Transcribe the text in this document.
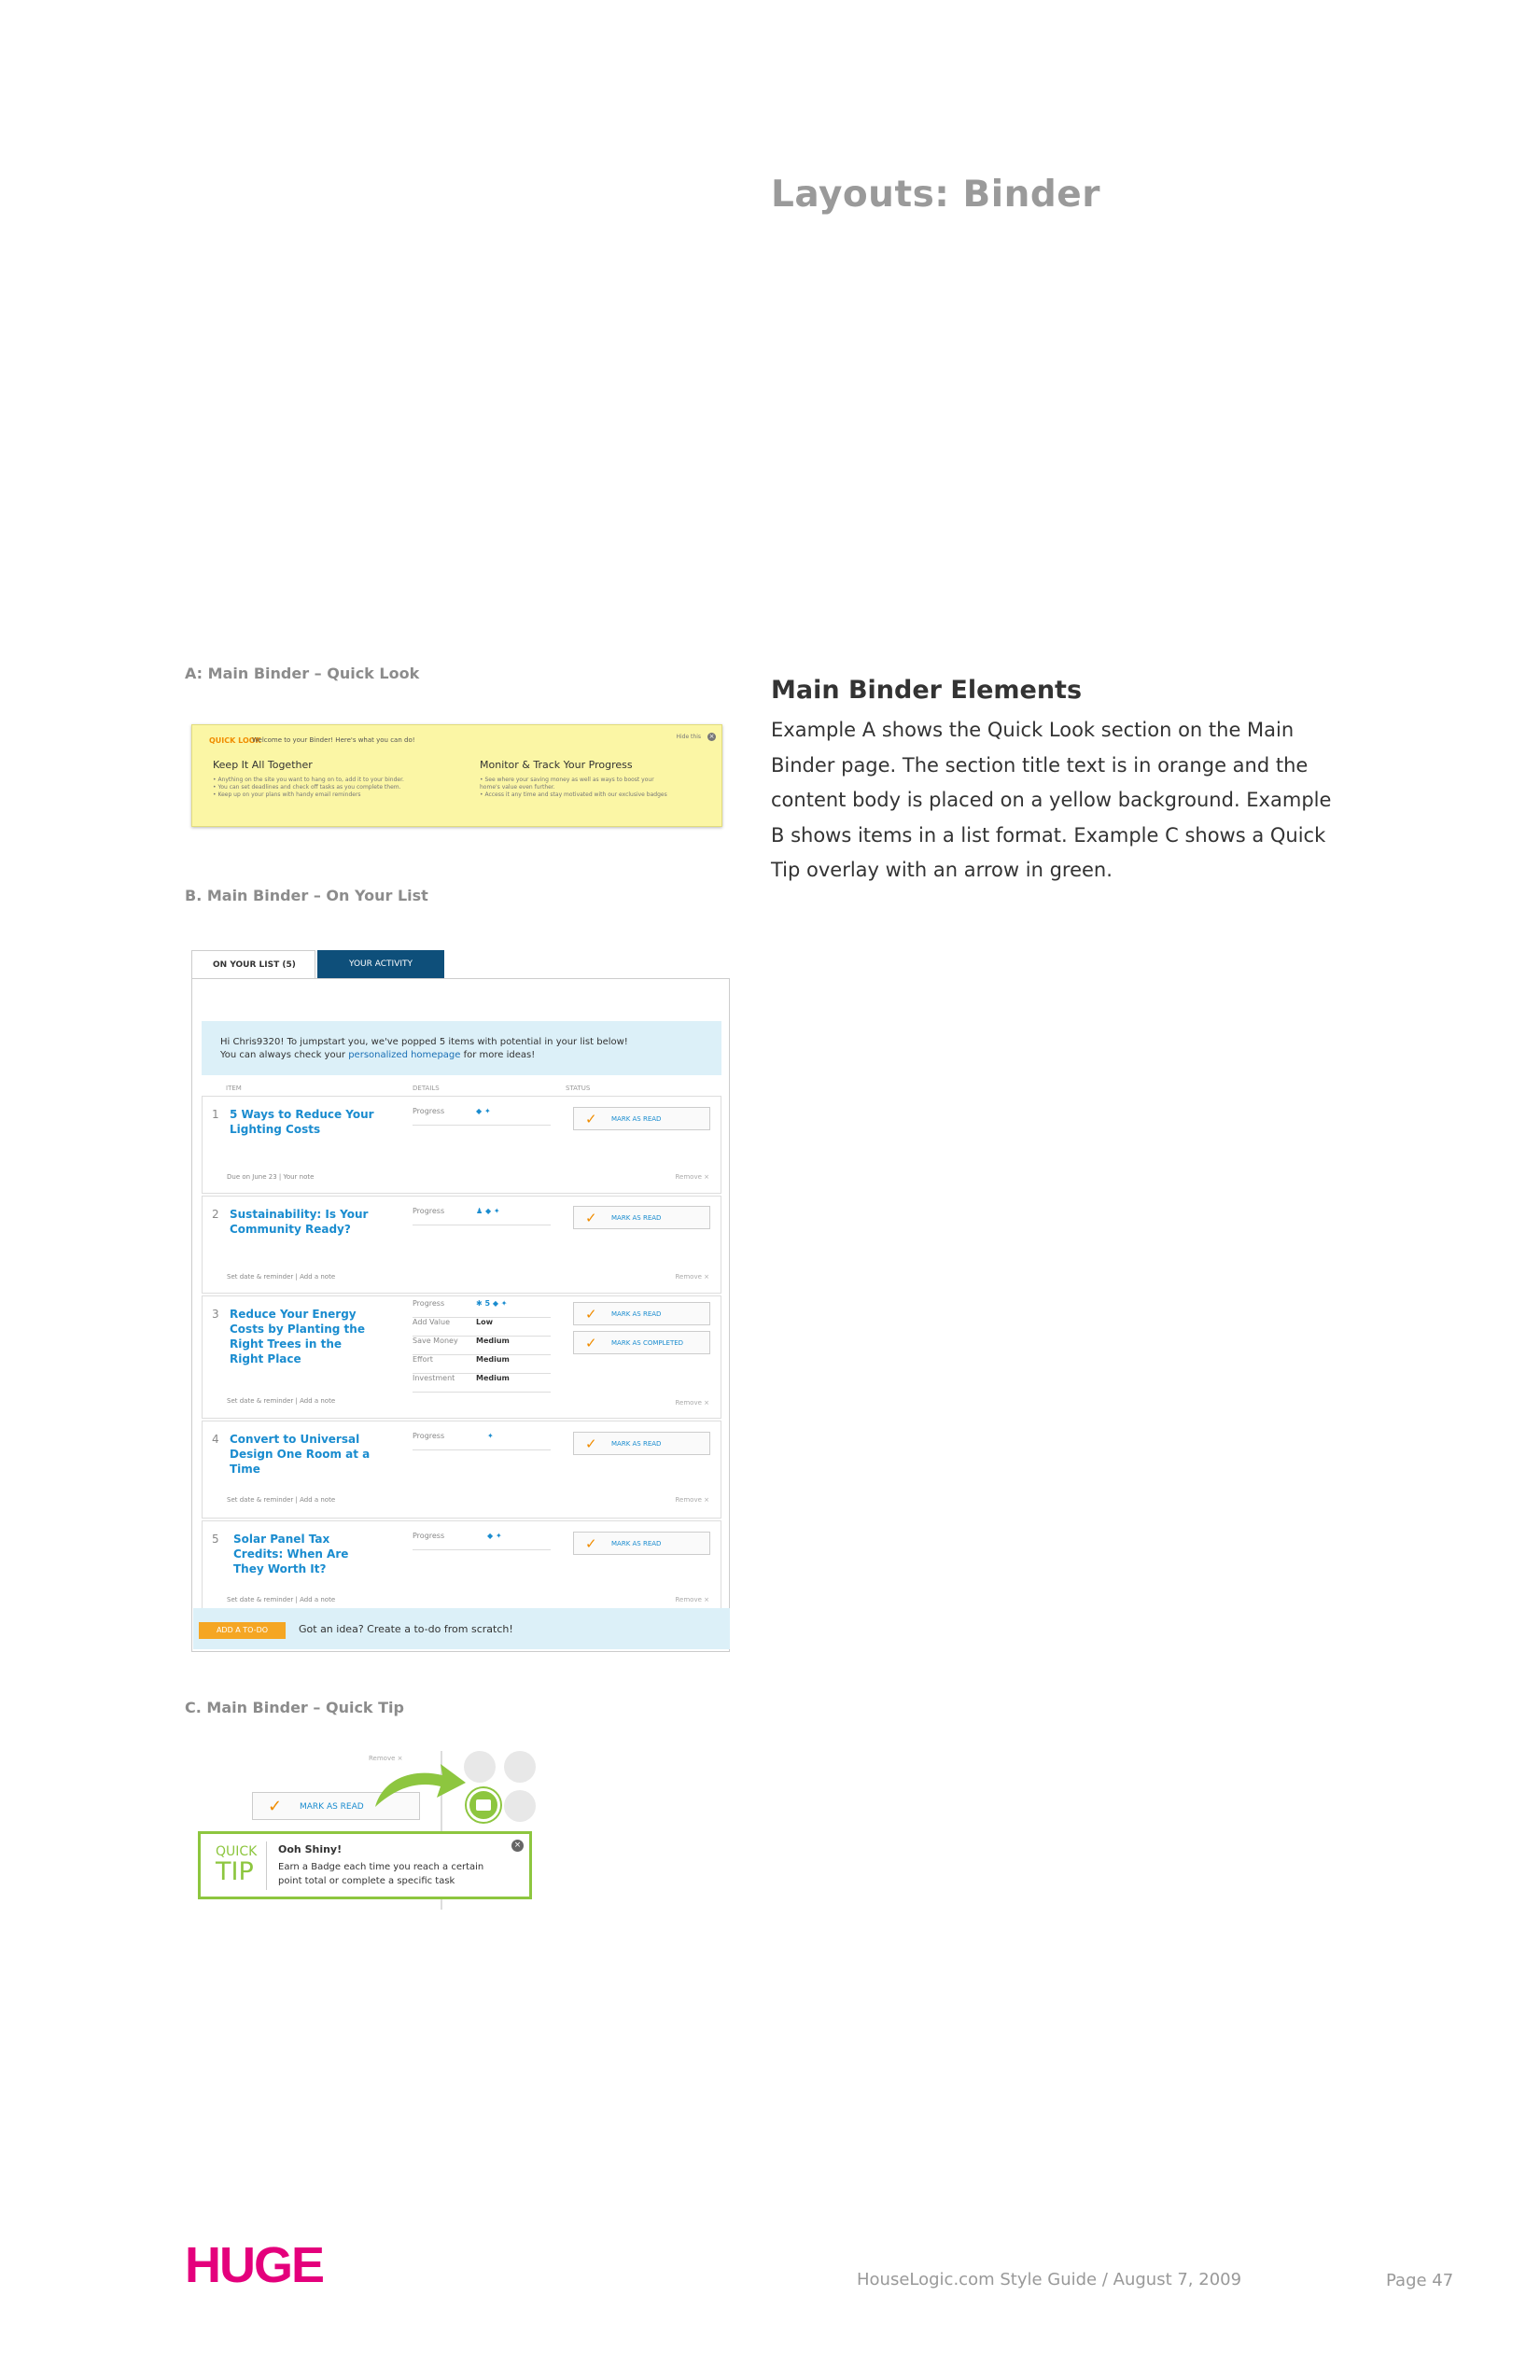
Layouts: Binder
A: Main Binder – Quick Look
QUICK LOOK
Welcome to your Binder! Here's what you can do!	Hide this ×
Keep It All Together
• Anything on the site you want to hang on to, add it to your binder.
• You can set deadlines and check off tasks as you complete them.
• Keep up on your plans with handy email reminders
Monitor & Track Your Progress
• See where your saving money as well as ways to boost your
home's value even further.
• Access it any time and stay motivated with our exclusive badges
B. Main Binder – On Your List
ON YOUR LIST (5)	YOUR ACTIVITY
Hi Chris9320! To jumpstart you, we've popped 5 items with potential in your list below!
You can always check your personalized homepage for more ideas!
ITEM	DETAILS	STATUS
1 5 Ways to Reduce Your Lighting Costs
Progress	◆ ✦	✓ MARK AS READ
Due on June 23 | Your note	Remove ×
2 Sustainability: Is Your Community Ready?
Progress	♟ ◆ ✦	✓ MARK AS READ
Set date & reminder | Add a note	Remove ×
3 Reduce Your Energy Costs by Planting the Right Trees in the Right Place
Progress	✱ 5 ◆ ✦
Add Value	Low
Save Money Medium
Effort	Medium
Investment	Medium
✓ MARK AS READ
✓ MARK AS COMPLETED
Set date & reminder | Add a note	Remove ×
4 Convert to Universal Design One Room at a Time
Progress	✦	✓ MARK AS READ
Set date & reminder | Add a note	Remove ×
5 Solar Panel Tax Credits: When Are They Worth It?
Progress	◆ ✦	✓ MARK AS READ
Set date & reminder | Add a note	Remove ×
ADD A TO-DO	Got an idea? Create a to-do from scratch!
C. Main Binder – Quick Tip
Remove ×
✓ MARK AS READ
QUICK
TIP
Ooh Shiny!
Earn a Badge each time you reach a certain point total or complete a specific task
×
Main Binder Elements
Example A shows the Quick Look section on the Main Binder page. The section title text is in orange and the content body is placed on a yellow background. Example B shows items in a list format. Example C shows a Quick Tip overlay with an arrow in green.
HUGE	HouseLogic.com Style Guide / August 7, 2009	Page 47
